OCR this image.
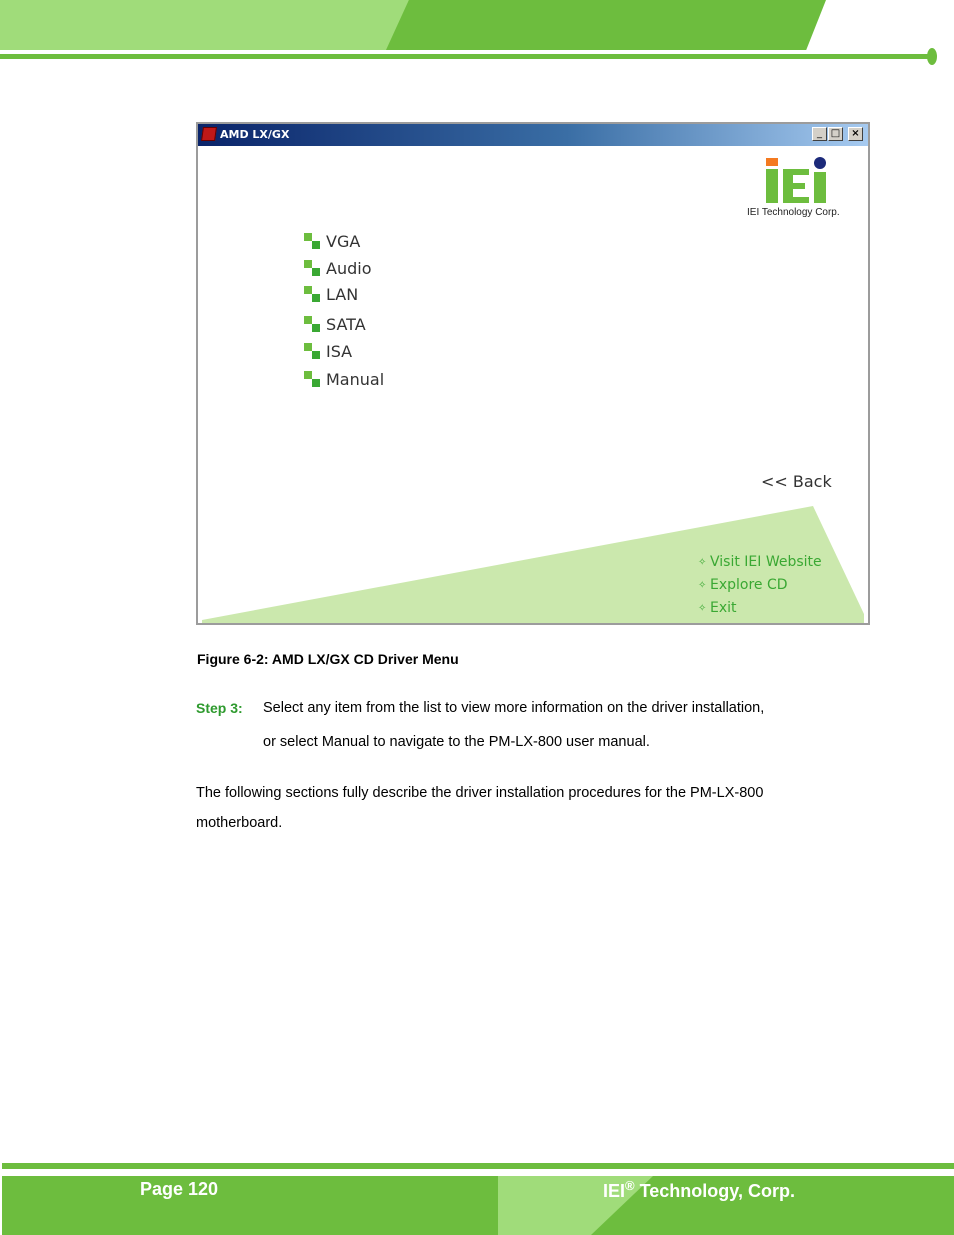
AMD LX/GX	_ □	×
IEI Technology Corp.
VGA
Audio
LAN
SATA
ISA
Manual
<< Back
✧ Visit IEI Website
✧ Explore CD
✧ Exit
Figure 6-2: AMD LX/GX CD Driver Menu
Step 3: Select any item from the list to view more information on the driver installation,
or select Manual to navigate to the PM-LX-800 user manual.
The following sections fully describe the driver installation procedures for the PM-LX-800
motherboard.
Page 120	IEI® Technology, Corp.
